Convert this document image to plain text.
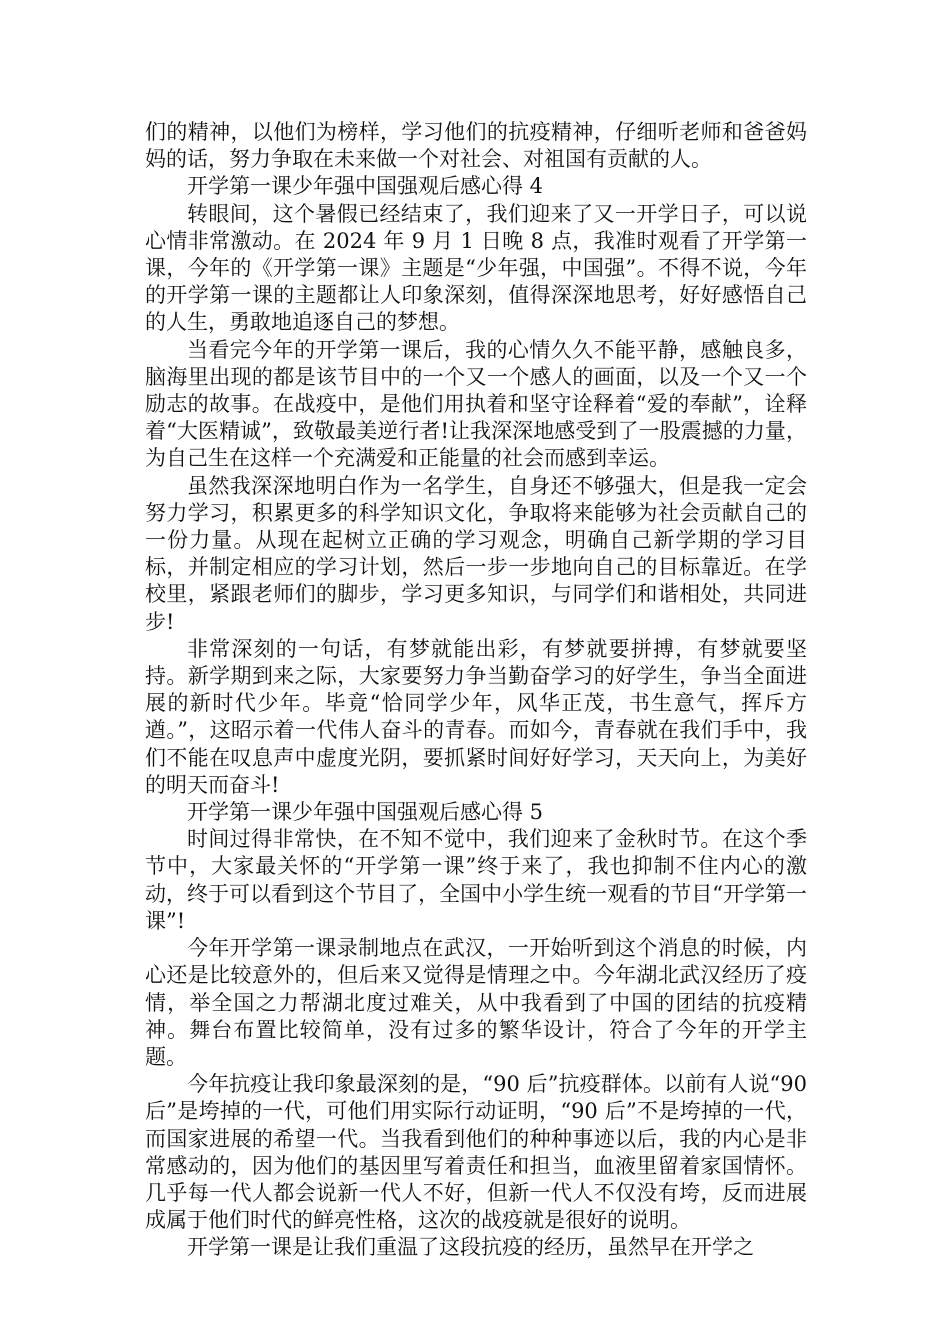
们的精神，以他们为榜样，学习他们的抗疫精神，仔细听老师和爸爸妈妈的话，努力争取在未来做一个对社会、对祖国有贡献的人。

开学第一课少年强中国强观后感心得 4

转眼间，这个暑假已经结束了，我们迎来了又一开学日子，可以说心情非常激动。在 2024 年 9 月 1 日晚 8 点，我准时观看了开学第一课，今年的《开学第一课》主题是“少年强，中国强”。不得不说，今年的开学第一课的主题都让人印象深刻，值得深深地思考，好好感悟自己的人生，勇敢地追逐自己的梦想。

当看完今年的开学第一课后，我的心情久久不能平静，感触良多，脑海里出现的都是该节目中的一个又一个感人的画面，以及一个又一个励志的故事。在战疫中，是他们用执着和坚守诠释着“爱的奉献”，诠释着“大医精诚”，致敬最美逆行者!让我深深地感受到了一股震撼的力量，为自己生在这样一个充满爱和正能量的社会而感到幸运。

虽然我深深地明白作为一名学生，自身还不够强大，但是我一定会努力学习，积累更多的科学知识文化，争取将来能够为社会贡献自己的一份力量。从现在起树立正确的学习观念，明确自己新学期的学习目标，并制定相应的学习计划，然后一步一步地向自己的目标靠近。在学校里，紧跟老师们的脚步，学习更多知识，与同学们和谐相处，共同进步!

非常深刻的一句话，有梦就能出彩，有梦就要拼搏，有梦就要坚持。新学期到来之际，大家要努力争当勤奋学习的好学生，争当全面进展的新时代少年。毕竟“恰同学少年，风华正茂，书生意气，挥斥方遒。”，这昭示着一代伟人奋斗的青春。而如今，青春就在我们手中，我们不能在叹息声中虚度光阴，要抓紧时间好好学习，天天向上，为美好的明天而奋斗!

开学第一课少年强中国强观后感心得 5

时间过得非常快，在不知不觉中，我们迎来了金秋时节。在这个季节中，大家最关怀的“开学第一课”终于来了，我也抑制不住内心的激动，终于可以看到这个节目了，全国中小学生统一观看的节目“开学第一课”!

今年开学第一课录制地点在武汉，一开始听到这个消息的时候，内心还是比较意外的，但后来又觉得是情理之中。今年湖北武汉经历了疫情，举全国之力帮湖北度过难关，从中我看到了中国的团结的抗疫精神。舞台布置比较简单，没有过多的繁华设计，符合了今年的开学主题。

今年抗疫让我印象最深刻的是，“90 后”抗疫群体。以前有人说“90 后”是垮掉的一代，可他们用实际行动证明，“90 后”不是垮掉的一代，而国家进展的希望一代。当我看到他们的种种事迹以后，我的内心是非常感动的，因为他们的基因里写着责任和担当，血液里留着家国情怀。几乎每一代人都会说新一代人不好，但新一代人不仅没有垮，反而进展成属于他们时代的鲜亮性格，这次的战疫就是很好的说明。

开学第一课是让我们重温了这段抗疫的经历，虽然早在开学之
